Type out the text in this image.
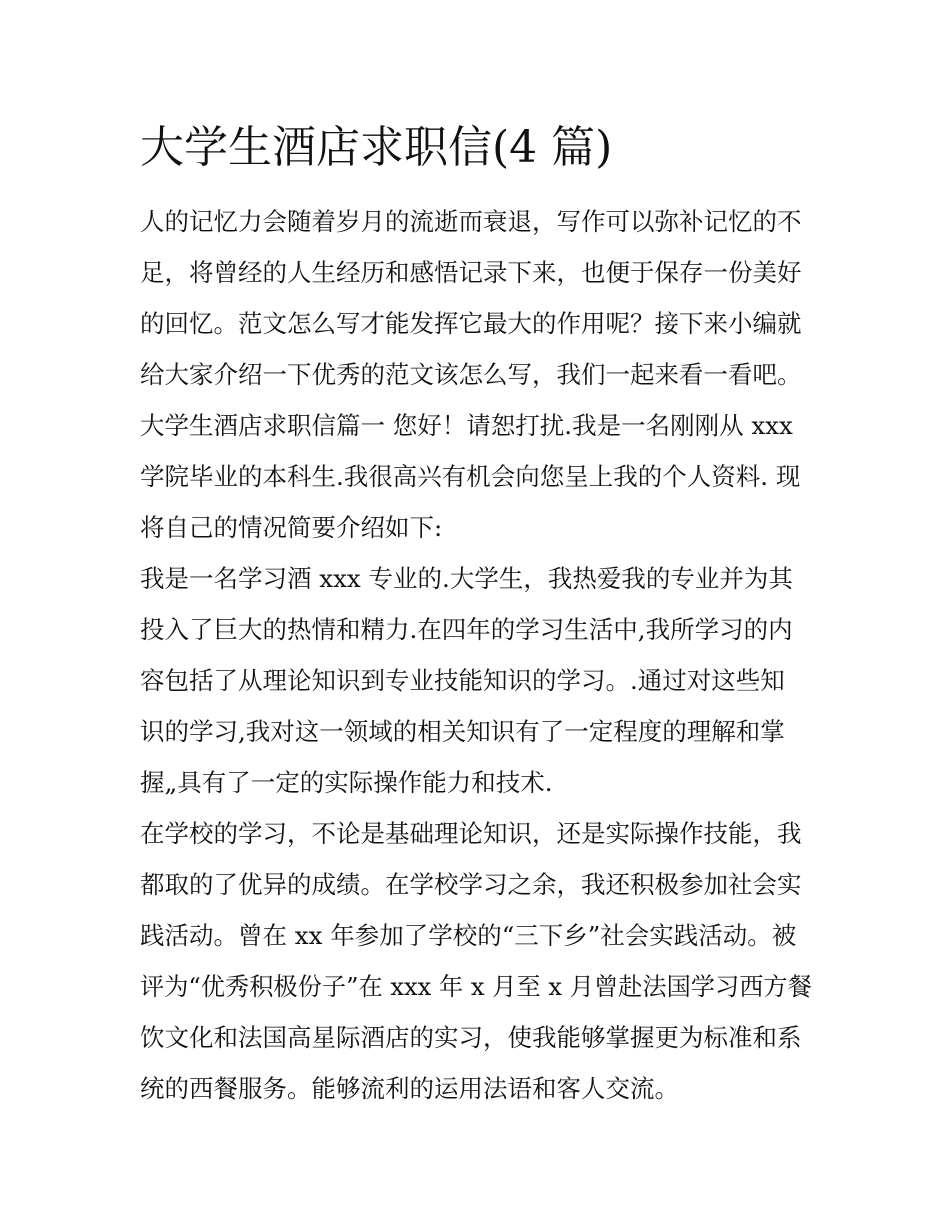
大学生酒店求职信(4 篇)

人的记忆力会随着岁月的流逝而衰退，写作可以弥补记忆的不

足，将曾经的人生经历和感悟记录下来，也便于保存一份美好

的回忆。范文怎么写才能发挥它最大的作用呢？接下来小编就

给大家介绍一下优秀的范文该怎么写，我们一起来看一看吧。

大学生酒店求职信篇一 您好！请恕打扰.我是一名刚刚从 xxx

学院毕业的本科生.我很高兴有机会向您呈上我的个人资料. 现

将自己的情况简要介绍如下:

我是一名学习酒 xxx 专业的.大学生，我热爱我的专业并为其

投入了巨大的热情和精力.在四年的学习生活中,我所学习的内

容包括了从理论知识到专业技能知识的学习。.通过对这些知

识的学习,我对这一领域的相关知识有了一定程度的理解和掌

握„具有了一定的实际操作能力和技术.

在学校的学习，不论是基础理论知识，还是实际操作技能，我

都取的了优异的成绩。在学校学习之余，我还积极参加社会实

践活动。曾在 xx 年参加了学校的“三下乡”社会实践活动。被

评为“优秀积极份子”在 xxx 年 x 月至 x 月曾赴法国学习西方餐

饮文化和法国高星际酒店的实习，使我能够掌握更为标准和系

统的西餐服务。能够流利的运用法语和客人交流。
